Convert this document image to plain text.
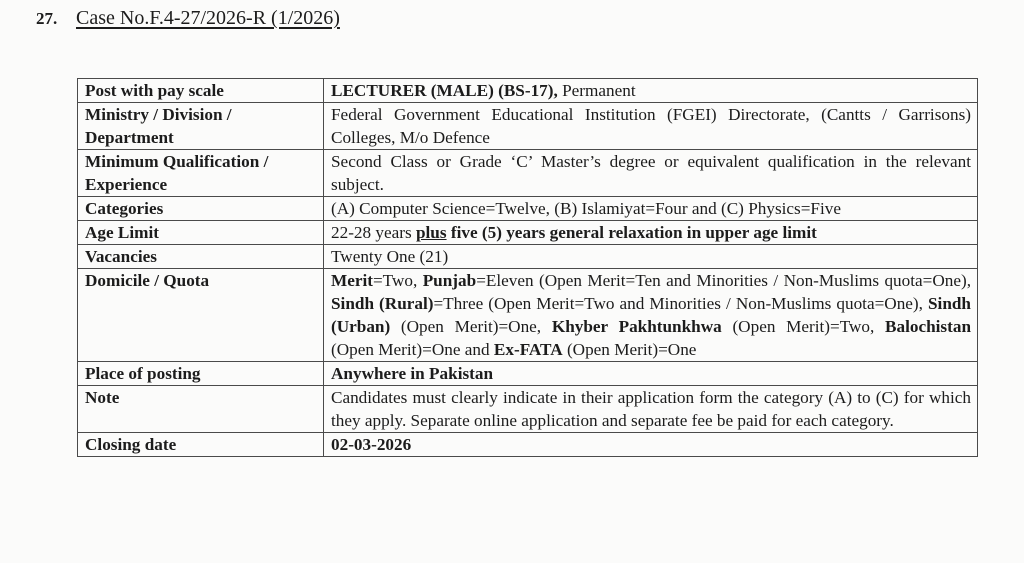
27. Case No.F.4-27/2026-R (1/2026)
Post with pay scale	LECTURER (MALE) (BS-17), Permanent
Ministry / Division / Department	Federal Government Educational Institution (FGEI) Directorate, (Cantts / Garrisons) Colleges, M/o Defence
Minimum Qualification / Experience	Second Class or Grade ‘C’ Master’s degree or equivalent qualification in the relevant subject.
Categories	(A) Computer Science=Twelve, (B) Islamiyat=Four and (C) Physics=Five
Age Limit	22-28 years plus five (5) years general relaxation in upper age limit
Vacancies	Twenty One (21)
Domicile / Quota	Merit=Two, Punjab=Eleven (Open Merit=Ten and Minorities / Non-Muslims quota=One), Sindh (Rural)=Three (Open Merit=Two and Minorities / Non-Muslims quota=One), Sindh (Urban) (Open Merit)=One, Khyber Pakhtunkhwa (Open Merit)=Two, Balochistan (Open Merit)=One and Ex-FATA (Open Merit)=One
Place of posting	Anywhere in Pakistan
Note	Candidates must clearly indicate in their application form the category (A) to (C) for which they apply. Separate online application and separate fee be paid for each category.
Closing date	02-03-2026
